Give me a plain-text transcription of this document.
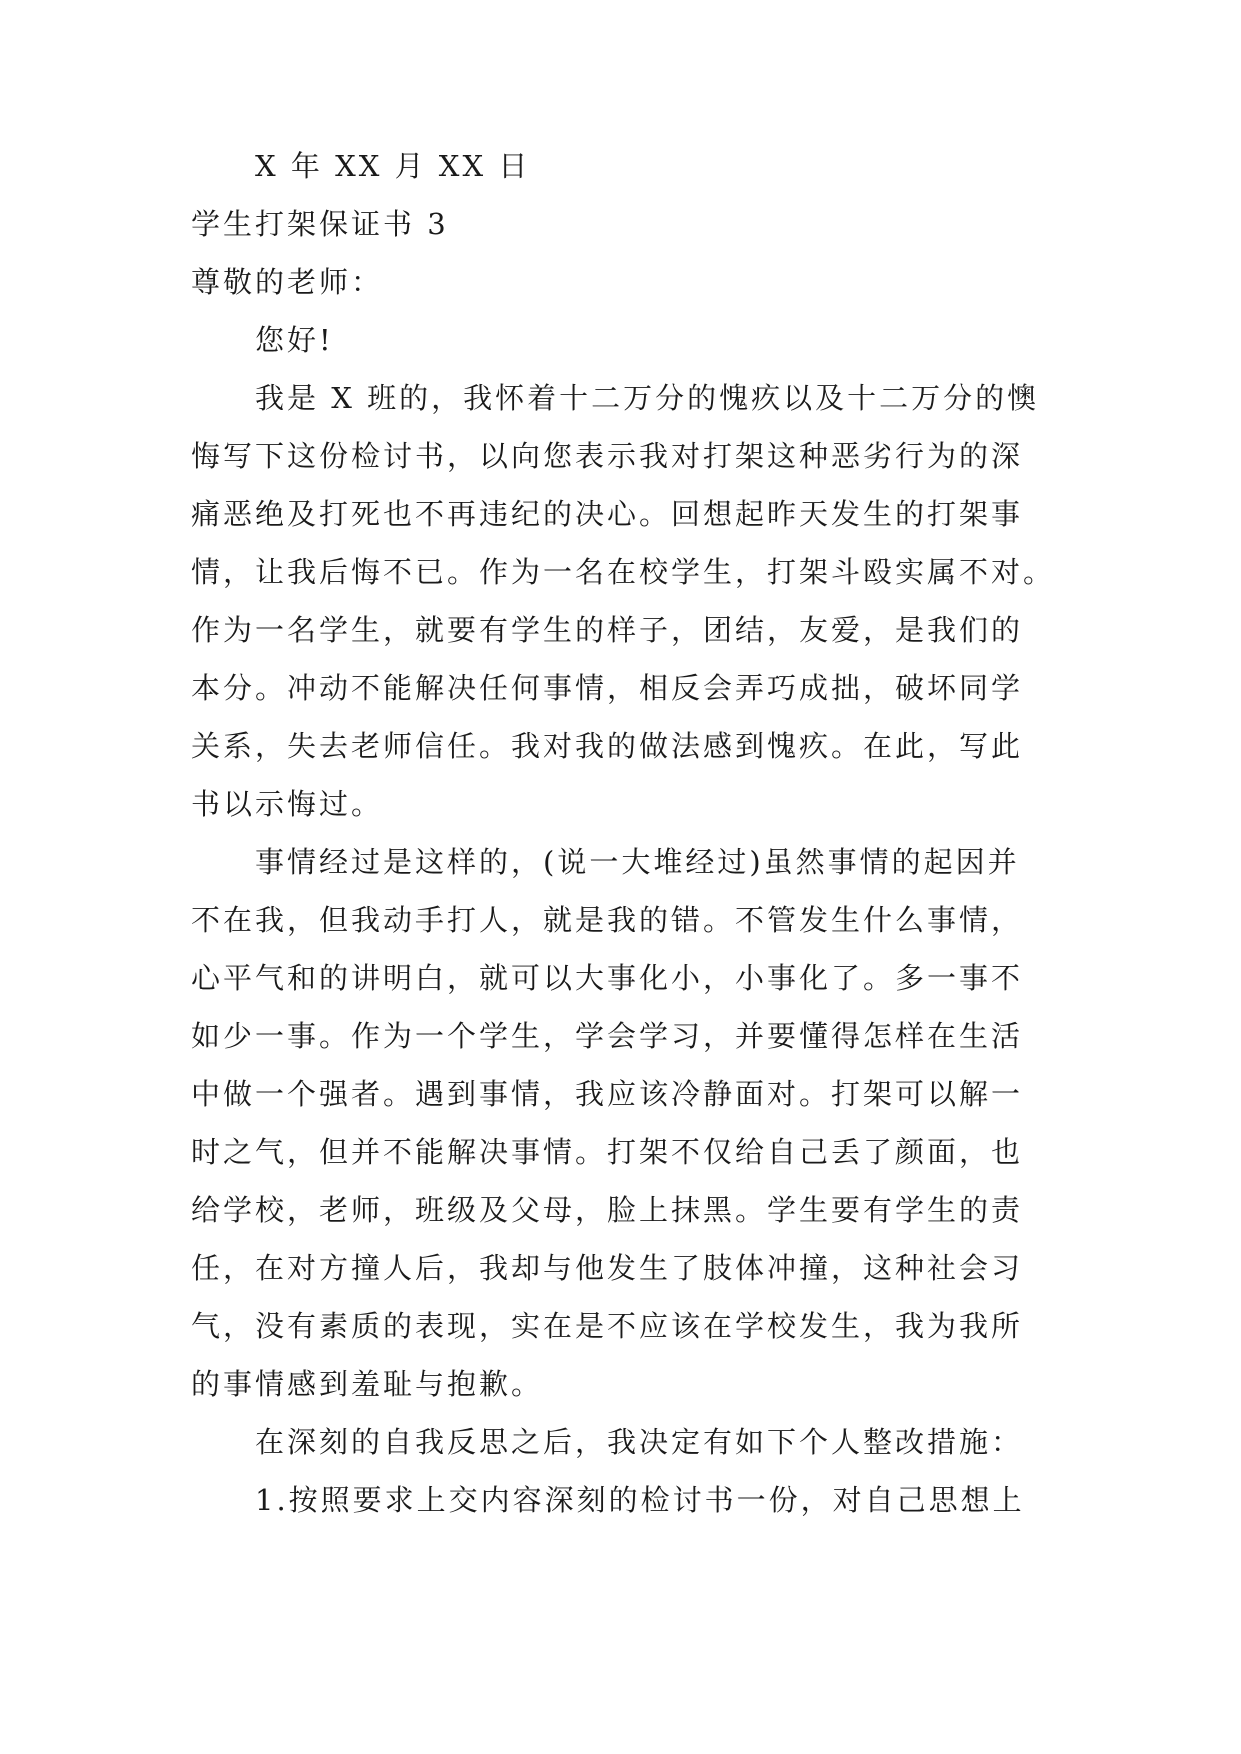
X 年 XX 月 XX 日
学生打架保证书 3
尊敬的老师：
您好!
我是 X 班的，我怀着十二万分的愧疚以及十二万分的懊
悔写下这份检讨书，以向您表示我对打架这种恶劣行为的深
痛恶绝及打死也不再违纪的决心。回想起昨天发生的打架事
情，让我后悔不已。作为一名在校学生，打架斗殴实属不对。
作为一名学生，就要有学生的样子，团结，友爱，是我们的
本分。冲动不能解决任何事情，相反会弄巧成拙，破坏同学
关系，失去老师信任。我对我的做法感到愧疚。在此，写此
书以示悔过。
事情经过是这样的，(说一大堆经过)虽然事情的起因并
不在我，但我动手打人，就是我的错。不管发生什么事情，
心平气和的讲明白，就可以大事化小，小事化了。多一事不
如少一事。作为一个学生，学会学习，并要懂得怎样在生活
中做一个强者。遇到事情，我应该冷静面对。打架可以解一
时之气，但并不能解决事情。打架不仅给自己丢了颜面，也
给学校，老师，班级及父母，脸上抹黑。学生要有学生的责
任，在对方撞人后，我却与他发生了肢体冲撞，这种社会习
气，没有素质的表现，实在是不应该在学校发生，我为我所
的事情感到羞耻与抱歉。
在深刻的自我反思之后，我决定有如下个人整改措施：
1.按照要求上交内容深刻的检讨书一份，对自己思想上
